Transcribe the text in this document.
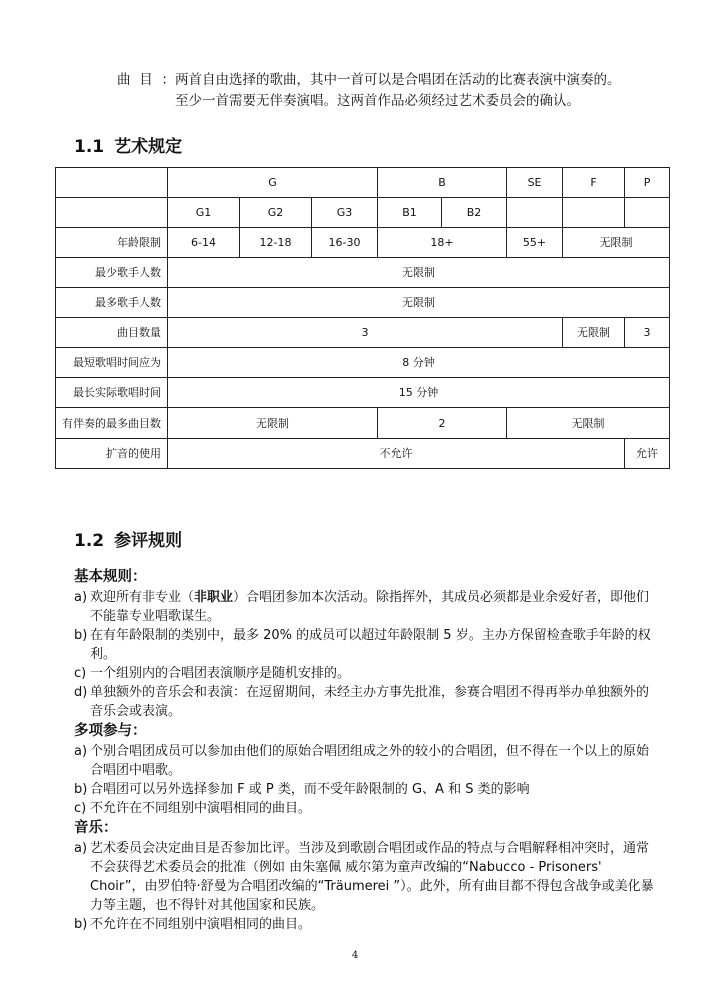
曲目：两首自由选择的歌曲，其中一首可以是合唱团在活动的比赛表演中演奏的。
至少一首需要无伴奏演唱。这两首作品必须经过艺术委员会的确认。
1.1 艺术规定
	G			B		SE	F	P
	G1	G2	G3	B1	B2			
年龄限制	6-14	12-18	16-30	18+		55+	无限制	
最少歌手人数	无限制							
最多歌手人数	无限制							
曲目数量	3						无限制	3
最短歌唱时间应为	8 分钟							
最长实际歌唱时间	15 分钟							
有伴奏的最多曲目数	无限制			2		无限制		
扩音的使用	不允许							允许
1.2 参评规则
基本规则：
a) 欢迎所有非专业（非职业）合唱团参加本次活动。除指挥外，其成员必须都是业余爱好者，即他们不能靠专业唱歌谋生。
b) 在有年龄限制的类别中，最多 20% 的成员可以超过年龄限制 5 岁。主办方保留检查歌手年龄的权利。
c) 一个组别内的合唱团表演顺序是随机安排的。
d) 单独额外的音乐会和表演：在逗留期间，未经主办方事先批准，参赛合唱团不得再举办单独额外的音乐会或表演。
多项参与：
a) 个别合唱团成员可以参加由他们的原始合唱团组成之外的较小的合唱团，但不得在一个以上的原始合唱团中唱歌。
b) 合唱团可以另外选择参加 F 或 P 类，而不受年龄限制的 G、A 和 S 类的影响
c) 不允许在不同组别中演唱相同的曲目。
音乐：
a) 艺术委员会决定曲目是否参加比评。当涉及到歌剧合唱团或作品的特点与合唱解释相冲突时，通常不会获得艺术委员会的批准（例如 由朱塞佩 威尔第为童声改编的“Nabucco - Prisoners' Choir”，由罗伯特·舒曼为合唱团改编的“Träumerei ”）。此外，所有曲目都不得包含战争或美化暴力等主题，也不得针对其他国家和民族。
b) 不允许在不同组别中演唱相同的曲目。
4
